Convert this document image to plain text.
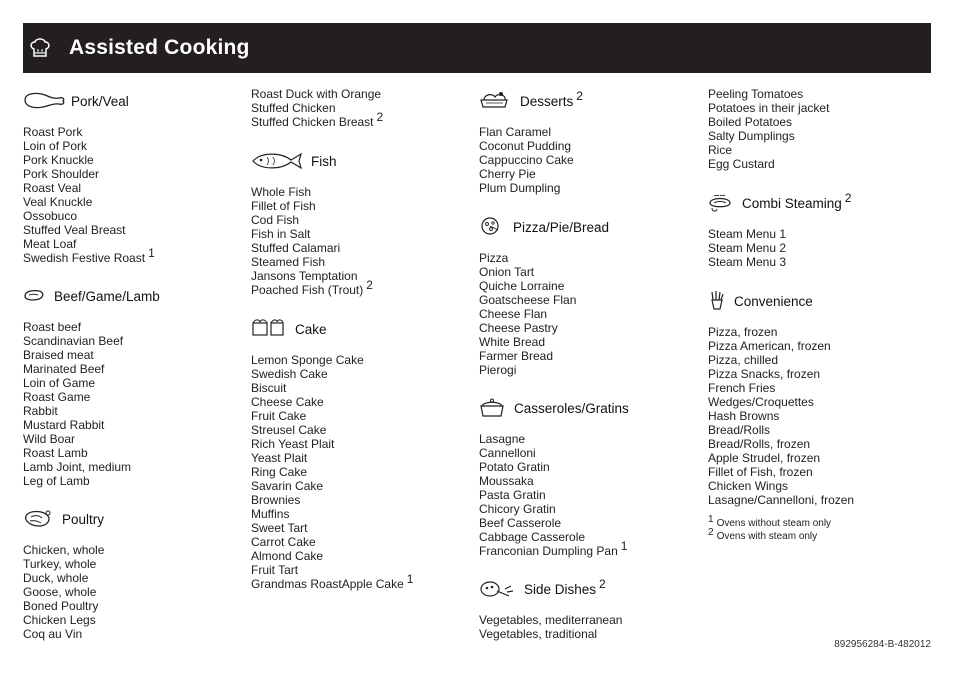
Assisted Cooking
Pork/Veal
Roast Pork
Loin of Pork
Pork Knuckle
Pork Shoulder
Roast Veal
Veal Knuckle
Ossobuco
Stuffed Veal Breast
Meat Loaf
Swedish Festive Roast 1
Beef/Game/Lamb
Roast beef
Scandinavian Beef
Braised meat
Marinated Beef
Loin of Game
Roast Game
Rabbit
Mustard Rabbit
Wild Boar
Roast Lamb
Lamb Joint, medium
Leg of Lamb
Poultry
Chicken, whole
Turkey, whole
Duck, whole
Goose, whole
Boned Poultry
Chicken Legs
Coq au Vin
Roast Duck with Orange
Stuffed Chicken
Stuffed Chicken Breast 2
Fish
Whole Fish
Fillet of Fish
Cod Fish
Fish in Salt
Stuffed Calamari
Steamed Fish
Jansons Temptation
Poached Fish (Trout) 2
Cake
Lemon Sponge Cake
Swedish Cake
Biscuit
Cheese Cake
Fruit Cake
Streusel Cake
Rich Yeast Plait
Yeast Plait
Ring Cake
Savarin Cake
Brownies
Muffins
Sweet Tart
Carrot Cake
Almond Cake
Fruit Tart
Grandmas RoastApple Cake 1
Desserts 2
Flan Caramel
Coconut Pudding
Cappuccino Cake
Cherry Pie
Plum Dumpling
Pizza/Pie/Bread
Pizza
Onion Tart
Quiche Lorraine
Goatscheese Flan
Cheese Flan
Cheese Pastry
White Bread
Farmer Bread
Pierogi
Casseroles/Gratins
Lasagne
Cannelloni
Potato Gratin
Moussaka
Pasta Gratin
Chicory Gratin
Beef Casserole
Cabbage Casserole
Franconian Dumpling Pan 1
Side Dishes 2
Vegetables, mediterranean
Vegetables, traditional
Peeling Tomatoes
Potatoes in their jacket
Boiled Potatoes
Salty Dumplings
Rice
Egg Custard
Combi Steaming 2
Steam Menu 1
Steam Menu 2
Steam Menu 3
Convenience
Pizza, frozen
Pizza American, frozen
Pizza, chilled
Pizza Snacks, frozen
French Fries
Wedges/Croquettes
Hash Browns
Bread/Rolls
Bread/Rolls, frozen
Apple Strudel, frozen
Fillet of Fish, frozen
Chicken Wings
Lasagne/Cannelloni, frozen
1 Ovens without steam only
2 Ovens with steam only
892956284-B-482012
